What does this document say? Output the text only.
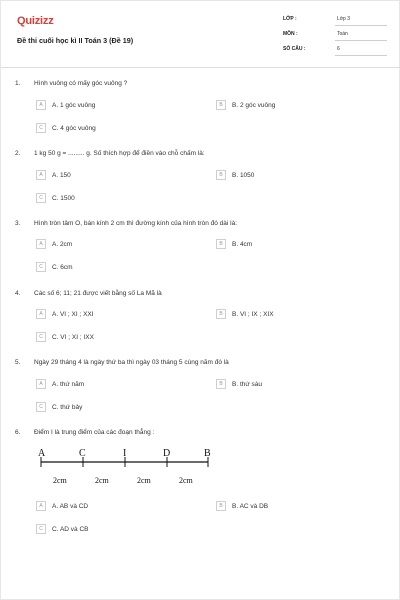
Quizizz
Đề thi cuối học kì II Toán 3 (Đề 19)
LỚP :	Lớp 3
MÔN :	Toán
SỐ CÂU :	6
1. Hình vuông có mấy góc vuông ?
A	A. 1 góc vuông	B	B. 2 góc vuông
C	C. 4 góc vuông
2. 1 kg 50 g = ......... g. Số thích hợp để điền vào chỗ chấm là:
A	A. 150	B	B. 1050
C	C. 1500
3. Hình tròn tâm O, bán kính 2 cm thì đường kính của hình tròn đó dài là:
A	A. 2cm	B	B. 4cm
C	C. 6cm
4. Các số 6; 11; 21 được viết bằng số La Mã là
A	A. VI ; XI ; XXI	B	B. VI ; IX ; XIX
C	C. VI ; XI ; IXX
5. Ngày 29 tháng 4 là ngày thứ ba thì ngày 03 tháng 5 cùng năm đó là
A	A. thứ năm	B	B. thứ sáu
C	C. thứ bảy
6. Điểm I là trung điểm của các đoạn thẳng :
A	C	I	D	B
2cm	2cm	2cm	2cm
A	A. AB và CD	B	B. AC và DB
C	C. AD và CB
